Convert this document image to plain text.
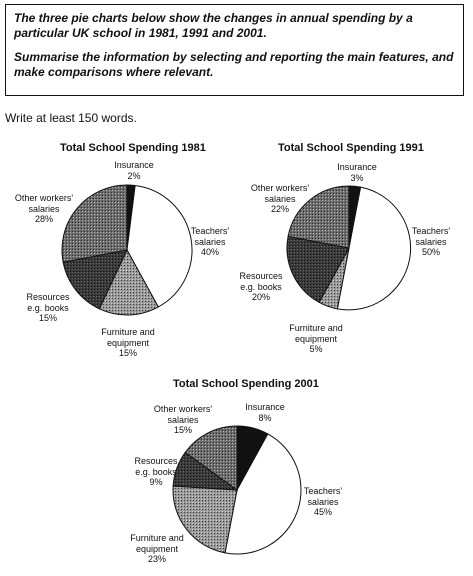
The three pie charts below show the changes in annual spending by a particular UK school in 1981, 1991 and 2001.

Summarise the information by selecting and reporting the main features, and make comparisons where relevant.

Write at least 150 words.
Total School Spending 1981
Insurance
2%
Teachers'
salaries
40%
Furniture and
equipment
15%
Resources
e.g. books
15%
Other workers'
salaries
28%
Total School Spending 1991
Insurance
3%
Teachers'
salaries
50%
Furniture and
equipment
5%
Resources
e.g. books
20%
Other workers'
salaries
22%
Total School Spending 2001
Insurance
8%
Teachers'
salaries
45%
Furniture and
equipment
23%
Resources
e.g. books
9%
Other workers'
salaries
15%
